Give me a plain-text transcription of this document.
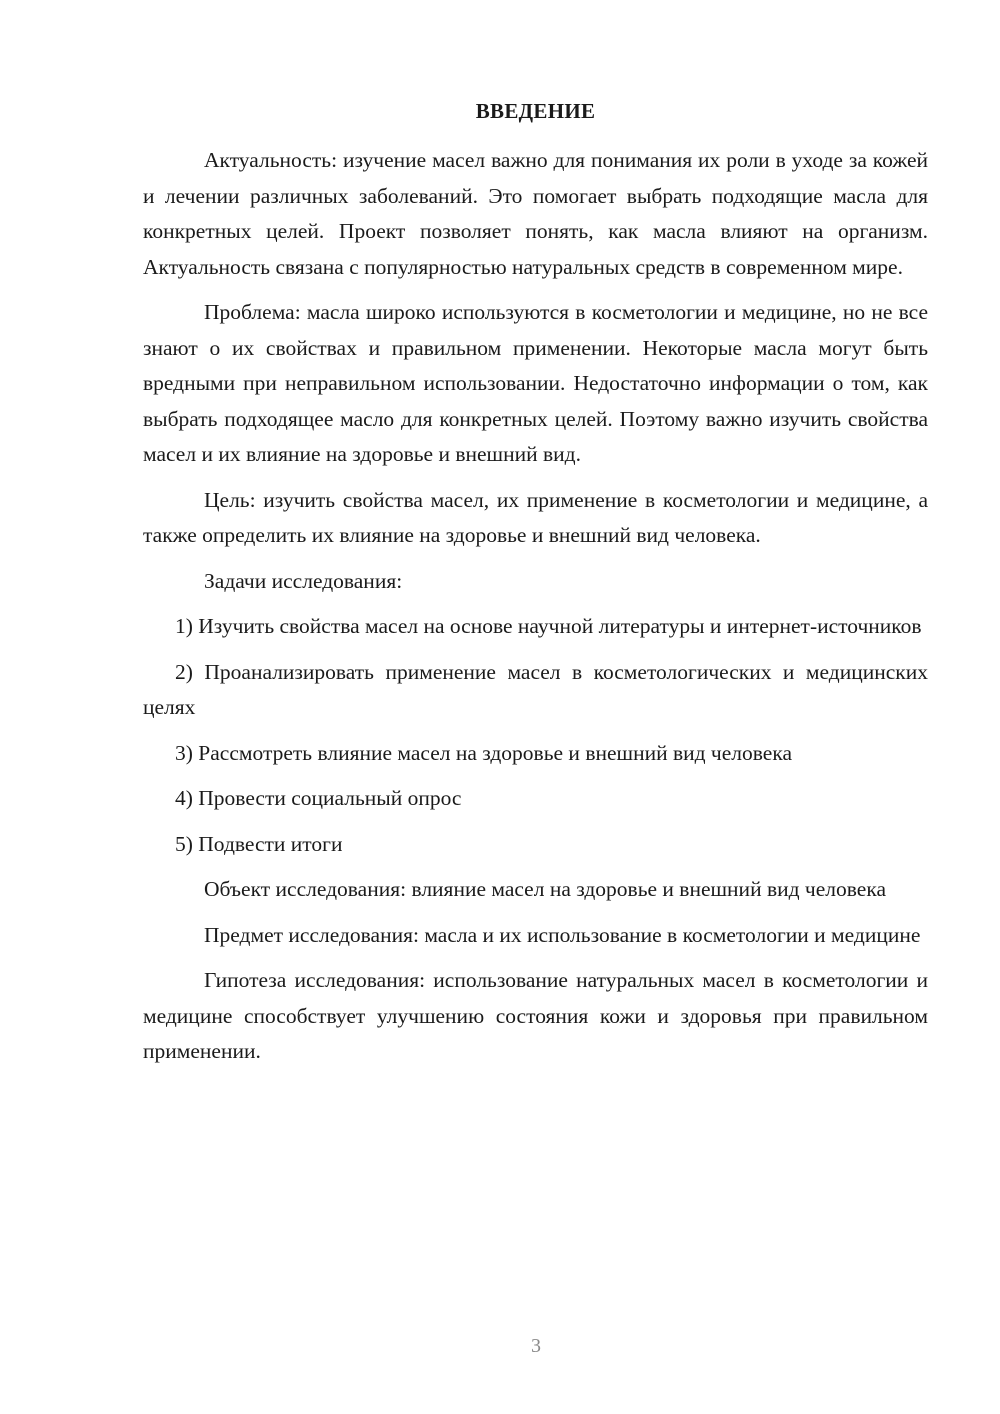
ВВЕДЕНИЕ

Актуальность: изучение масел важно для понимания их роли в уходе за кожей и лечении различных заболеваний. Это помогает выбрать подходящие масла для конкретных целей. Проект позволяет понять, как масла влияют на организм. Актуальность связана с популярностью натуральных средств в современном мире.

Проблема: масла широко используются в косметологии и медицине, но не все знают о их свойствах и правильном применении. Некоторые масла могут быть вредными при неправильном использовании. Недостаточно информации о том, как выбрать подходящее масло для конкретных целей. Поэтому важно изучить свойства масел и их влияние на здоровье и внешний вид.

Цель: изучить свойства масел, их применение в косметологии и медицине, а также определить их влияние на здоровье и внешний вид человека.

Задачи исследования:

1) Изучить свойства масел на основе научной литературы и интернет-источников

2) Проанализировать применение масел в косметологических и медицинских целях

3) Рассмотреть влияние масел на здоровье и внешний вид человека

4) Провести социальный опрос

5) Подвести итоги

Объект исследования: влияние масел на здоровье и внешний вид человека

Предмет исследования: масла и их использование в косметологии и медицине

Гипотеза исследования: использование натуральных масел в косметологии и медицине способствует улучшению состояния кожи и здоровья при правильном применении.

3
